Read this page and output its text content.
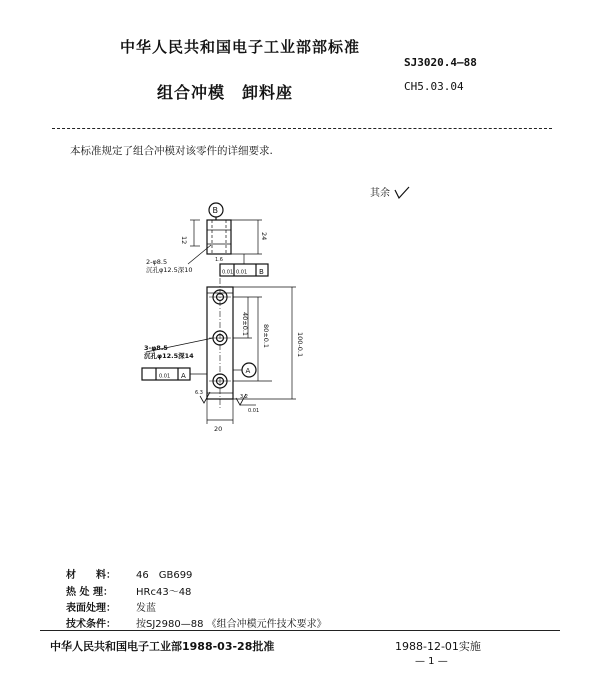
中华人民共和国电子工业部部标准
组合冲模　卸料座
SJ3020.4—88
CH5.03.04
本标准规定了组合冲模对该零件的详细要求.
其余
B
12	24
2-φ8.5
沉孔φ12.5深10	0.01 0.01 B
40±0.1 80±0.1	100-0.1
A
3-φ8.5
沉孔φ12.5深14
0.01 A
20
0.01
6.3
3.2
1.6
材　　料： 46　GB699
热 处 理： HRc43～48
表面处理： 发蓝
技术条件： 按SJ2980—88 《组合冲模元件技术要求》
中华人民共和国电子工业部1988-03-28批准	1988-12-01实施
— 1 —
